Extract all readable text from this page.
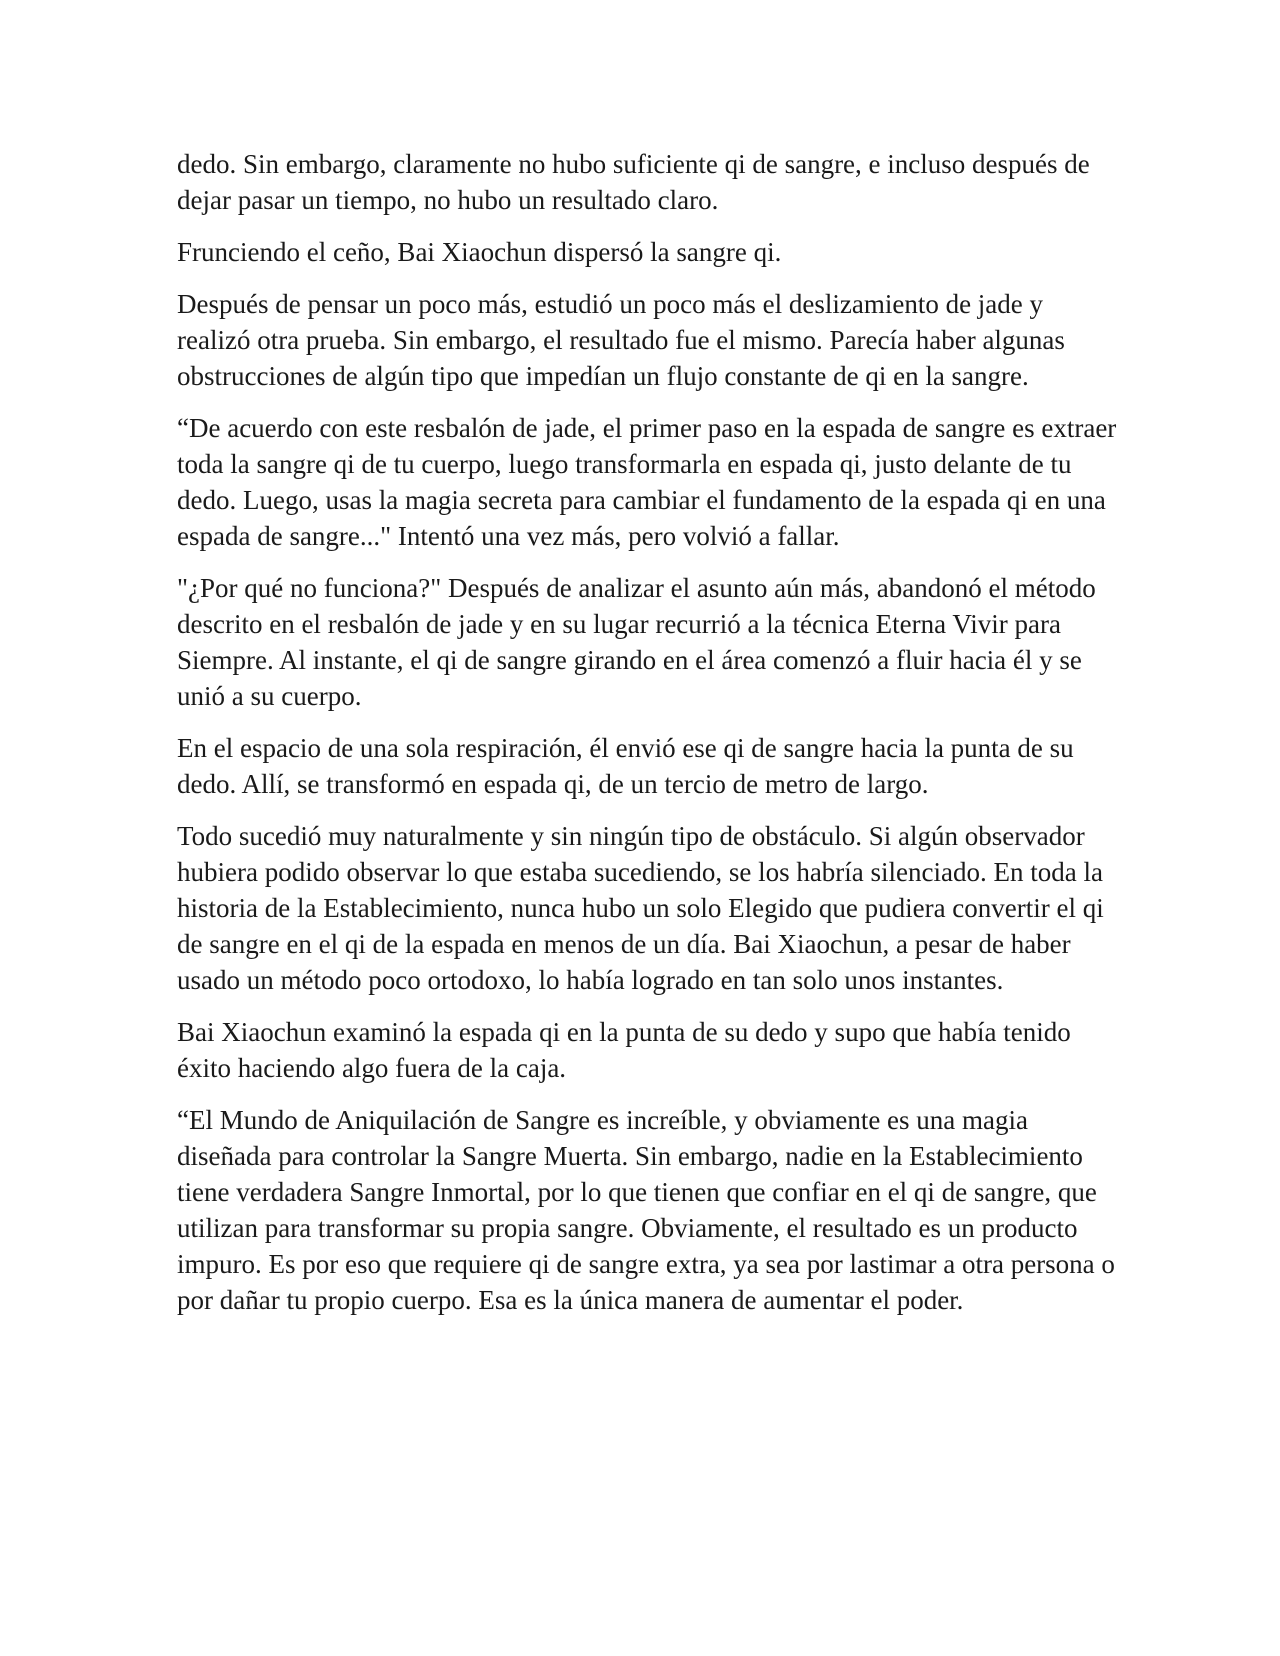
dedo. Sin embargo, claramente no hubo suficiente qi de sangre, e incluso después de dejar pasar un tiempo, no hubo un resultado claro.

Frunciendo el ceño, Bai Xiaochun dispersó la sangre qi.

Después de pensar un poco más, estudió un poco más el deslizamiento de jade y realizó otra prueba. Sin embargo, el resultado fue el mismo. Parecía haber algunas obstrucciones de algún tipo que impedían un flujo constante de qi en la sangre.

“De acuerdo con este resbalón de jade, el primer paso en la espada de sangre es extraer toda la sangre qi de tu cuerpo, luego transformarla en espada qi, justo delante de tu dedo. Luego, usas la magia secreta para cambiar el fundamento de la espada qi en una espada de sangre..." Intentó una vez más, pero volvió a fallar.

"¿Por qué no funciona?" Después de analizar el asunto aún más, abandonó el método descrito en el resbalón de jade y en su lugar recurrió a la técnica Eterna Vivir para Siempre. Al instante, el qi de sangre girando en el área comenzó a fluir hacia él y se unió a su cuerpo.

En el espacio de una sola respiración, él envió ese qi de sangre hacia la punta de su dedo. Allí, se transformó en espada qi, de un tercio de metro de largo.

Todo sucedió muy naturalmente y sin ningún tipo de obstáculo. Si algún observador hubiera podido observar lo que estaba sucediendo, se los habría silenciado. En toda la historia de la Establecimiento, nunca hubo un solo Elegido que pudiera convertir el qi de sangre en el qi de la espada en menos de un día. Bai Xiaochun, a pesar de haber usado un método poco ortodoxo, lo había logrado en tan solo unos instantes.

Bai Xiaochun examinó la espada qi en la punta de su dedo y supo que había tenido éxito haciendo algo fuera de la caja.

“El Mundo de Aniquilación de Sangre es increíble, y obviamente es una magia diseñada para controlar la Sangre Muerta. Sin embargo, nadie en la Establecimiento tiene verdadera Sangre Inmortal, por lo que tienen que confiar en el qi de sangre, que utilizan para transformar su propia sangre. Obviamente, el resultado es un producto impuro. Es por eso que requiere qi de sangre extra, ya sea por lastimar a otra persona o por dañar tu propio cuerpo. Esa es la única manera de aumentar el poder.
